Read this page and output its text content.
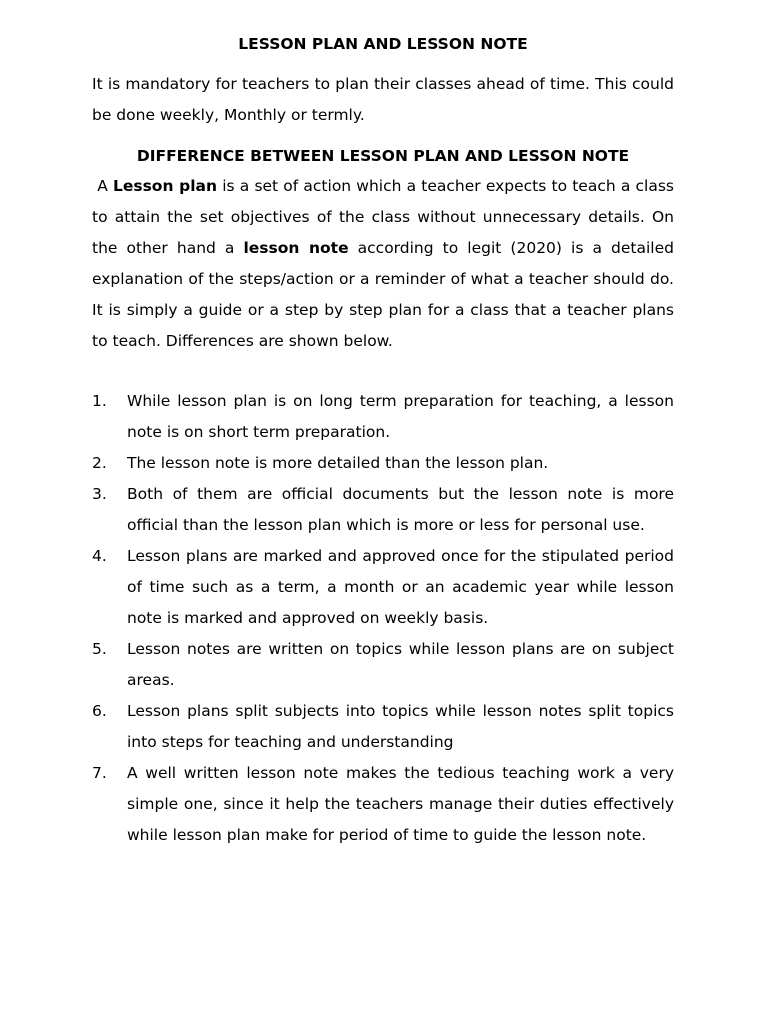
LESSON PLAN AND LESSON NOTE

It is mandatory for teachers to plan their classes ahead of time. This could be done weekly, Monthly or termly.

DIFFERENCE BETWEEN LESSON PLAN AND LESSON NOTE

A Lesson plan is a set of action which a teacher expects to teach a class to attain the set objectives of the class without unnecessary details. On the other hand a lesson note according to legit (2020) is a detailed explanation of the steps/action or a reminder of what a teacher should do. It is simply a guide or a step by step plan for a class that a teacher plans to teach. Differences are shown below.

1. While lesson plan is on long term preparation for teaching, a lesson note is on short term preparation.
2. The lesson note is more detailed than the lesson plan.
3. Both of them are official documents but the lesson note is more official than the lesson plan which is more or less for personal use.
4. Lesson plans are marked and approved once for the stipulated period of time such as a term, a month or an academic year while lesson note is marked and approved on weekly basis.
5. Lesson notes are written on topics while lesson plans are on subject areas.
6. Lesson plans split subjects into topics while lesson notes split topics into steps for teaching and understanding
7. A well written lesson note makes the tedious teaching work a very simple one, since it help the teachers manage their duties effectively while lesson plan make for period of time to guide the lesson note.
